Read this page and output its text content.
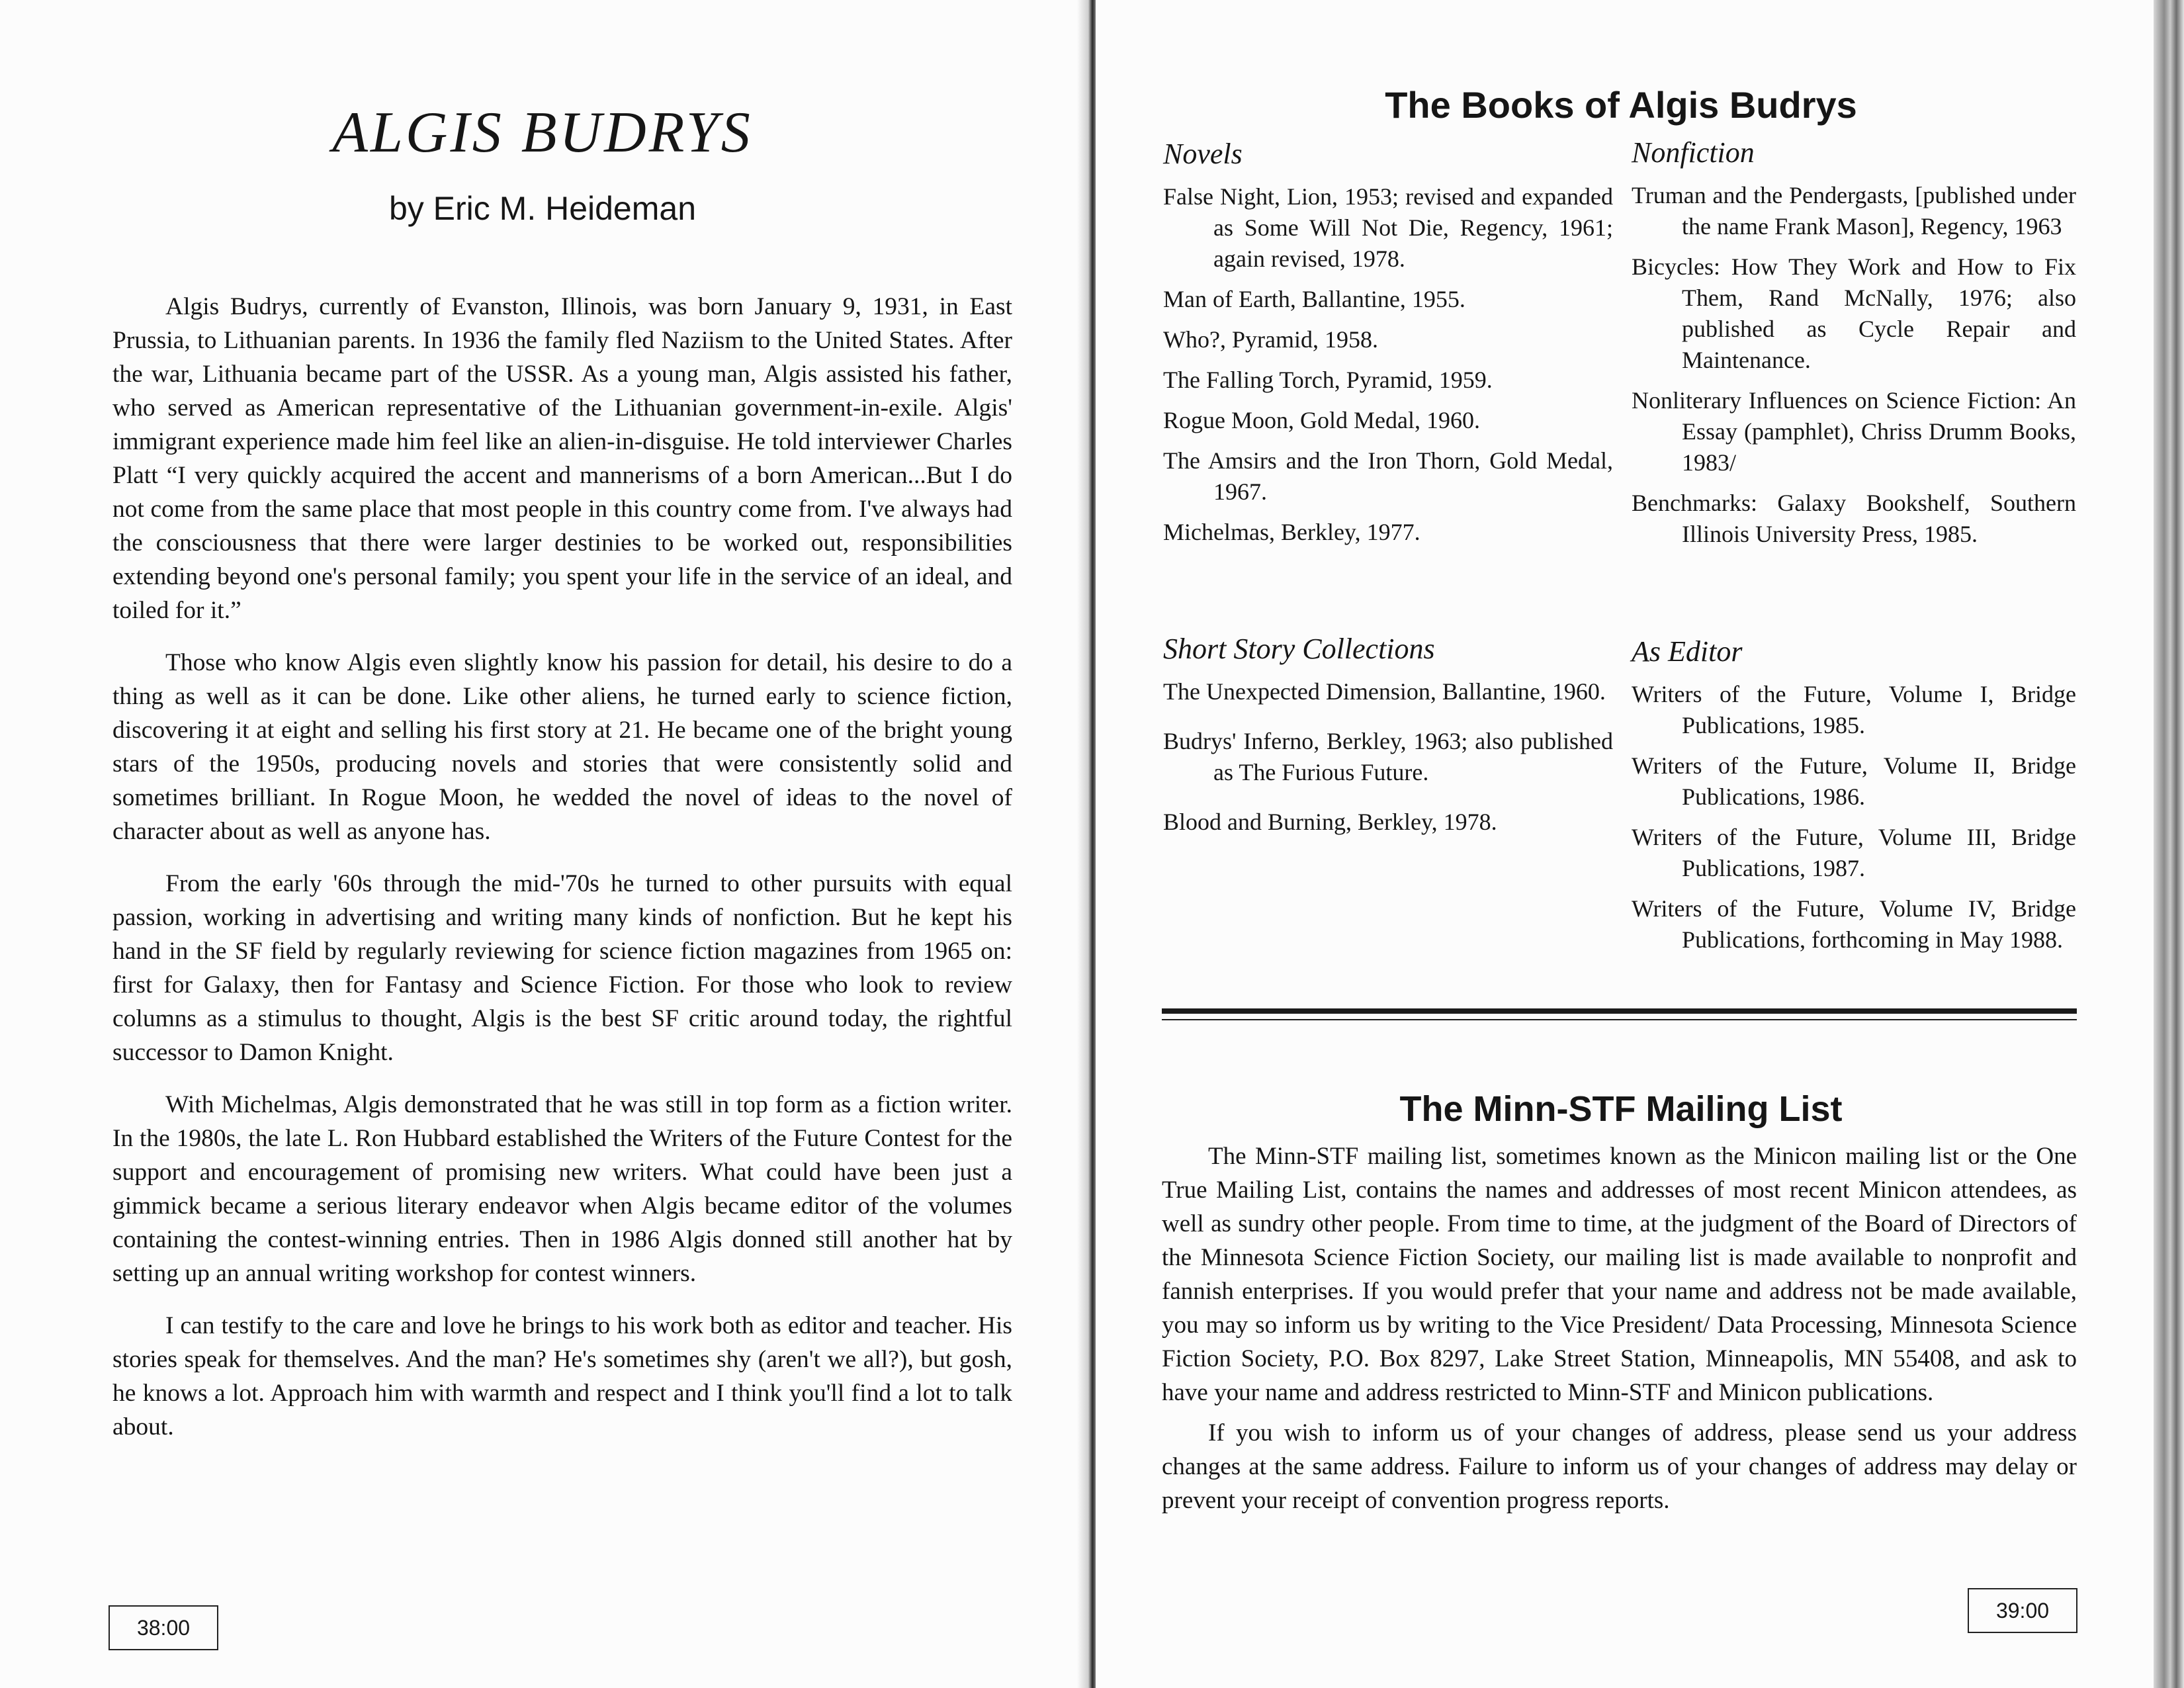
ALGIS BUDRYS
by Eric M. Heideman

Algis Budrys, currently of Evanston, Illinois, was born January 9, 1931, in East Prussia, to Lithuanian parents. In 1936 the family fled Naziism to the United States. After the war, Lithuania became part of the USSR. As a young man, Algis assisted his father, who served as American representative of the Lithuanian government-in-exile. Algis' immigrant experience made him feel like an alien-in-disguise. He told interviewer Charles Platt “I very quickly acquired the accent and mannerisms of a born American...But I do not come from the same place that most people in this country come from. I've always had the consciousness that there were larger destinies to be worked out, responsibilities extending beyond one's personal family; you spent your life in the service of an ideal, and toiled for it.”

Those who know Algis even slightly know his passion for detail, his desire to do a thing as well as it can be done. Like other aliens, he turned early to science fiction, discovering it at eight and selling his first story at 21. He became one of the bright young stars of the 1950s, producing novels and stories that were consistently solid and sometimes brilliant. In Rogue Moon, he wedded the novel of ideas to the novel of character about as well as anyone has.

From the early '60s through the mid-'70s he turned to other pursuits with equal passion, working in advertising and writing many kinds of nonfiction. But he kept his hand in the SF field by regularly reviewing for science fiction magazines from 1965 on: first for Galaxy, then for Fantasy and Science Fiction. For those who look to review columns as a stimulus to thought, Algis is the best SF critic around today, the rightful successor to Damon Knight.

With Michelmas, Algis demonstrated that he was still in top form as a fiction writer. In the 1980s, the late L. Ron Hubbard established the Writers of the Future Contest for the support and encouragement of promising new writers. What could have been just a gimmick became a serious literary endeavor when Algis became editor of the volumes containing the contest-winning entries. Then in 1986 Algis donned still another hat by setting up an annual writing workshop for contest winners.

I can testify to the care and love he brings to his work both as editor and teacher. His stories speak for themselves. And the man? He's sometimes shy (aren't we all?), but gosh, he knows a lot. Approach him with warmth and respect and I think you'll find a lot to talk about.

38:00
The Books of Algis Budrys
Novels
False Night, Lion, 1953; revised and expanded as Some Will Not Die, Regency, 1961; again revised, 1978.
Man of Earth, Ballantine, 1955.
Who?, Pyramid, 1958.
The Falling Torch, Pyramid, 1959.
Rogue Moon, Gold Medal, 1960.
The Amsirs and the Iron Thorn, Gold Medal, 1967.
Michelmas, Berkley, 1977.
Short Story Collections
The Unexpected Dimension, Ballantine, 1960.
Budrys' Inferno, Berkley, 1963; also published as The Furious Future.
Blood and Burning, Berkley, 1978.
Nonfiction
Truman and the Pendergasts, [published under the name Frank Mason], Regency, 1963
Bicycles: How They Work and How to Fix Them, Rand McNally, 1976; also published as Cycle Repair and Maintenance.
Nonliterary Influences on Science Fiction: An Essay (pamphlet), Chriss Drumm Books, 1983/
Benchmarks: Galaxy Bookshelf, Southern Illinois University Press, 1985.
As Editor
Writers of the Future, Volume I, Bridge Publications, 1985.
Writers of the Future, Volume II, Bridge Publications, 1986.
Writers of the Future, Volume III, Bridge Publications, 1987.
Writers of the Future, Volume IV, Bridge Publications, forthcoming in May 1988.
The Minn-STF Mailing List

The Minn-STF mailing list, sometimes known as the Minicon mailing list or the One True Mailing List, contains the names and addresses of most recent Minicon attendees, as well as sundry other people. From time to time, at the judgment of the Board of Directors of the Minnesota Science Fiction Society, our mailing list is made available to nonprofit and fannish enterprises. If you would prefer that your name and address not be made available, you may so inform us by writing to the Vice President/ Data Processing, Minnesota Science Fiction Society, P.O. Box 8297, Lake Street Station, Minneapolis, MN 55408, and ask to have your name and address restricted to Minn-STF and Minicon publications.

If you wish to inform us of your changes of address, please send us your address changes at the same address. Failure to inform us of your changes of address may delay or prevent your receipt of convention progress reports.

39:00
